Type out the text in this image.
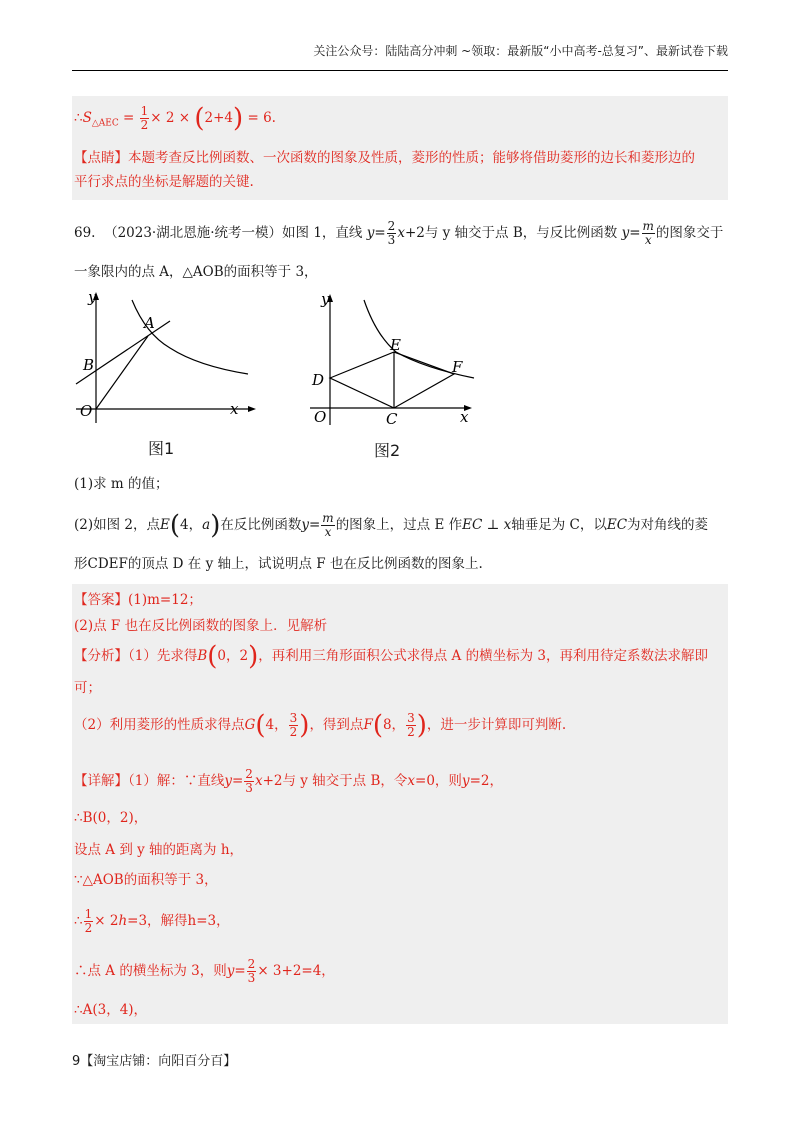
关注公众号：陆陆高分冲刺 ~领取：最新版“小中高考-总复习”、最新试卷下载
$\therefore S_{\triangle AEC} = \frac{1}{2} \times 2 \times (2+4) = 6$.
【点睛】本题考查反比例函数、一次函数的图象及性质，菱形的性质；能够将借助菱形的边长和菱形边的
平行求点的坐标是解题的关键.
69. （2023·湖北恩施·统考一模）如图 1，直线 $y= \frac{2}{3} x+2$与 y 轴交于点 B，与反比例函数 $y= \frac{m}{x}$ 的图象交于
一象限内的点 A，△AOB的面积等于 3，
y
x
O
A
B
图1
y
x
O
D
E
F
C
图2
(1)求 m 的值；
(2)如图 2，点E(4，a)在反比例函数$y= \frac{m}{x}$ 的图象上，过点 E 作EC ⊥ x轴垂足为 C，以EC为对角线的菱
形CDEF的顶点 D 在 y 轴上，试说明点 F 也在反比例函数的图象上.
【答案】(1)m=12；
(2)点 F 也在反比例函数的图象上．见解析
【分析】（1）先求得B(0，2)，再利用三角形面积公式求得点 A 的横坐标为 3，再利用待定系数法求解即
可；
（2）利用菱形的性质求得点G(4， $\frac{3}{2}$ )，得到点F(8， $\frac{3}{2}$ )，进一步计算即可判断.
【详解】（1）解：∵直线$y= \frac{2}{3} x+2$与 y 轴交于点 B，令x=0，则y=2，
∴B(0，2)，
设点 A 到 y 轴的距离为 h，
∵△AOB的面积等于 3，
∴ $\frac{1}{2} \times 2h=3$，解得h=3，
∴点 A 的横坐标为 3，则$y= \frac{2}{3} \times 3+2=4$，
∴A(3，4)，
9【淘宝店铺：向阳百分百】
